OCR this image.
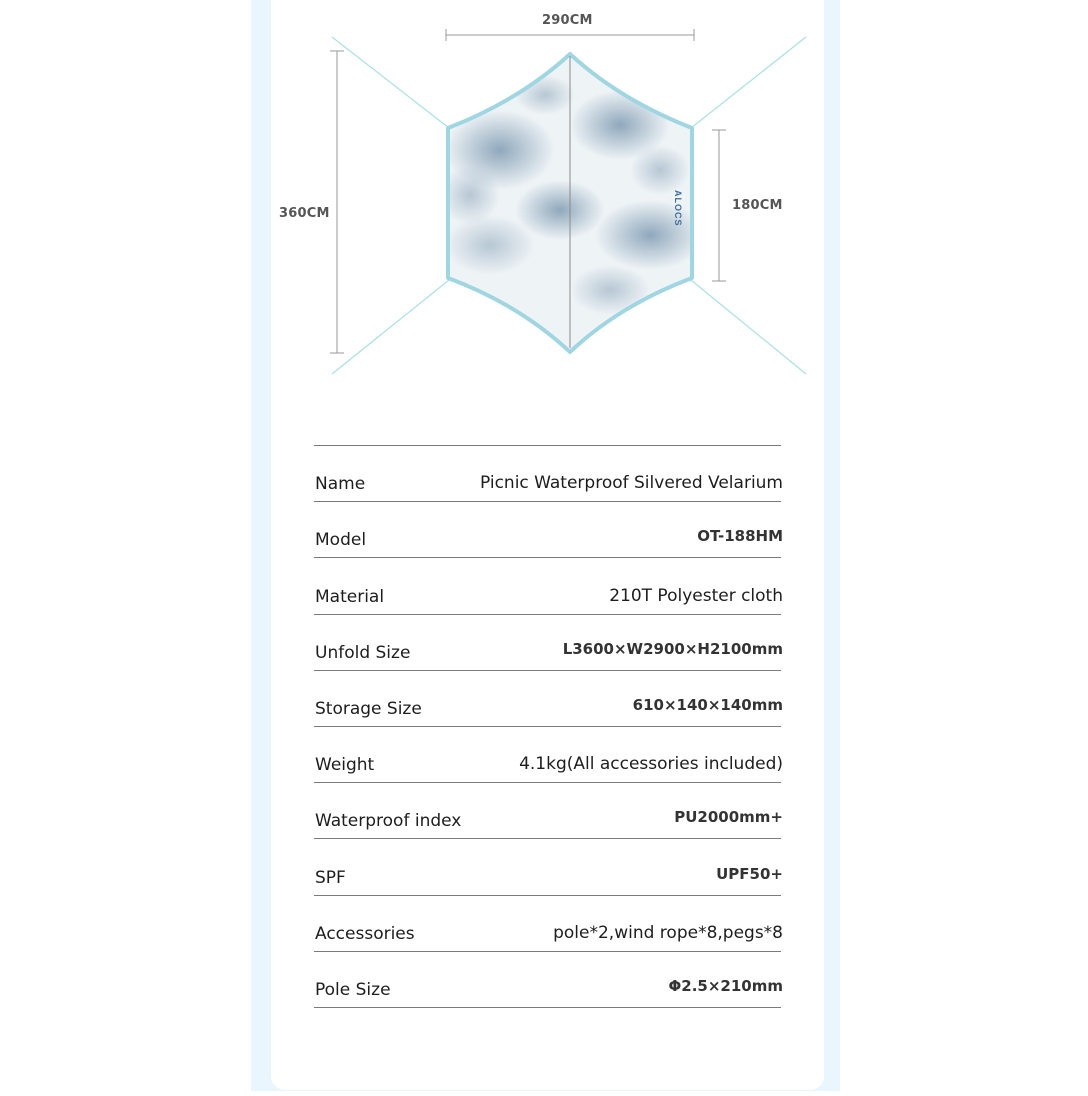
ALOCS
290CM
360CM
180CM
Name	Picnic Waterproof Silvered Velarium
Model	OT-188HM
Material	210T Polyester cloth
Unfold Size	L3600×W2900×H2100mm
Storage Size	610×140×140mm
Weight	4.1kg(All accessories included)
Waterproof index	PU2000mm+
SPF	UPF50+
Accessories	pole*2,wind rope*8,pegs*8
Pole Size	Φ2.5×210mm
